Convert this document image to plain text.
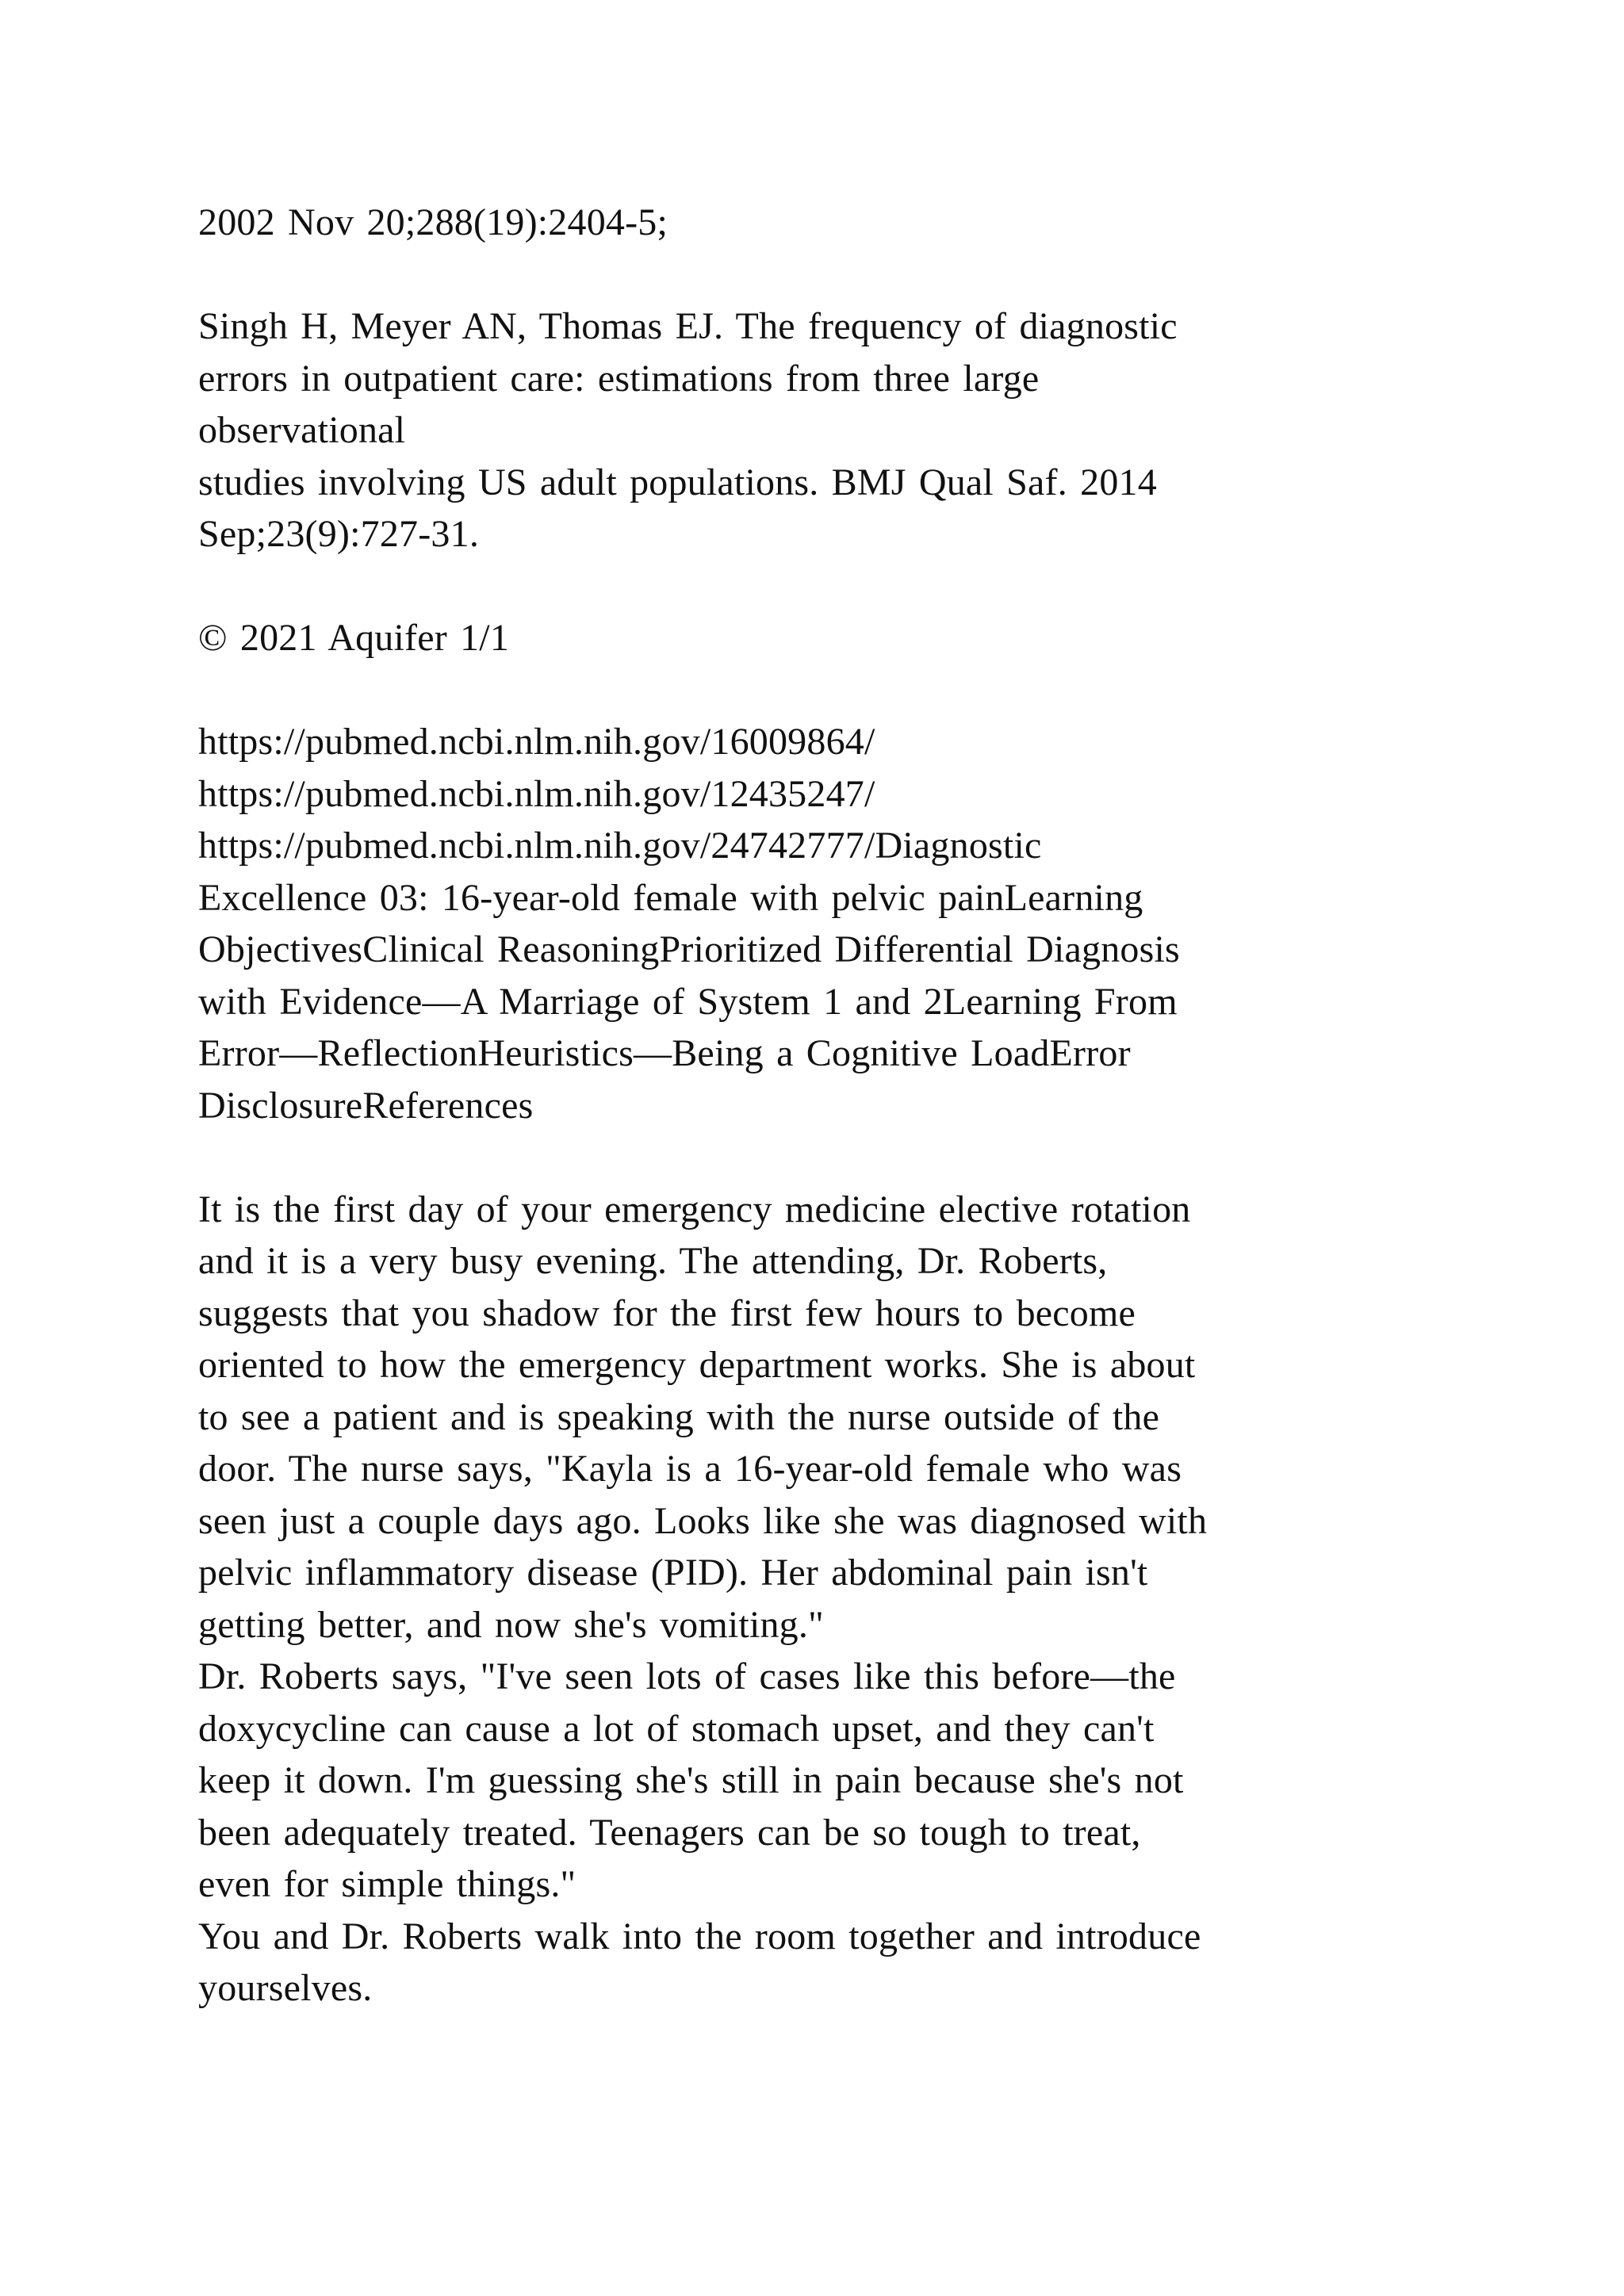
2002 Nov 20;288(19):2404-5;
Singh H, Meyer AN, Thomas EJ. The frequency of diagnostic
errors in outpatient care: estimations from three large
observational
studies involving US adult populations. BMJ Qual Saf. 2014
Sep;23(9):727-31.
© 2021 Aquifer 1/1
https://pubmed.ncbi.nlm.nih.gov/16009864/
https://pubmed.ncbi.nlm.nih.gov/12435247/
https://pubmed.ncbi.nlm.nih.gov/24742777/Diagnostic
Excellence 03: 16-year-old female with pelvic painLearning
ObjectivesClinical ReasoningPrioritized Differential Diagnosis
with Evidence—A Marriage of System 1 and 2Learning From
Error—ReflectionHeuristics—Being a Cognitive LoadError
DisclosureReferences
It is the first day of your emergency medicine elective rotation
and it is a very busy evening. The attending, Dr. Roberts,
suggests that you shadow for the first few hours to become
oriented to how the emergency department works. She is about
to see a patient and is speaking with the nurse outside of the
door. The nurse says, "Kayla is a 16-year-old female who was
seen just a couple days ago. Looks like she was diagnosed with
pelvic inflammatory disease (PID). Her abdominal pain isn't
getting better, and now she's vomiting."
Dr. Roberts says, "I've seen lots of cases like this before—the
doxycycline can cause a lot of stomach upset, and they can't
keep it down. I'm guessing she's still in pain because she's not
been adequately treated. Teenagers can be so tough to treat,
even for simple things."
You and Dr. Roberts walk into the room together and introduce
yourselves.
